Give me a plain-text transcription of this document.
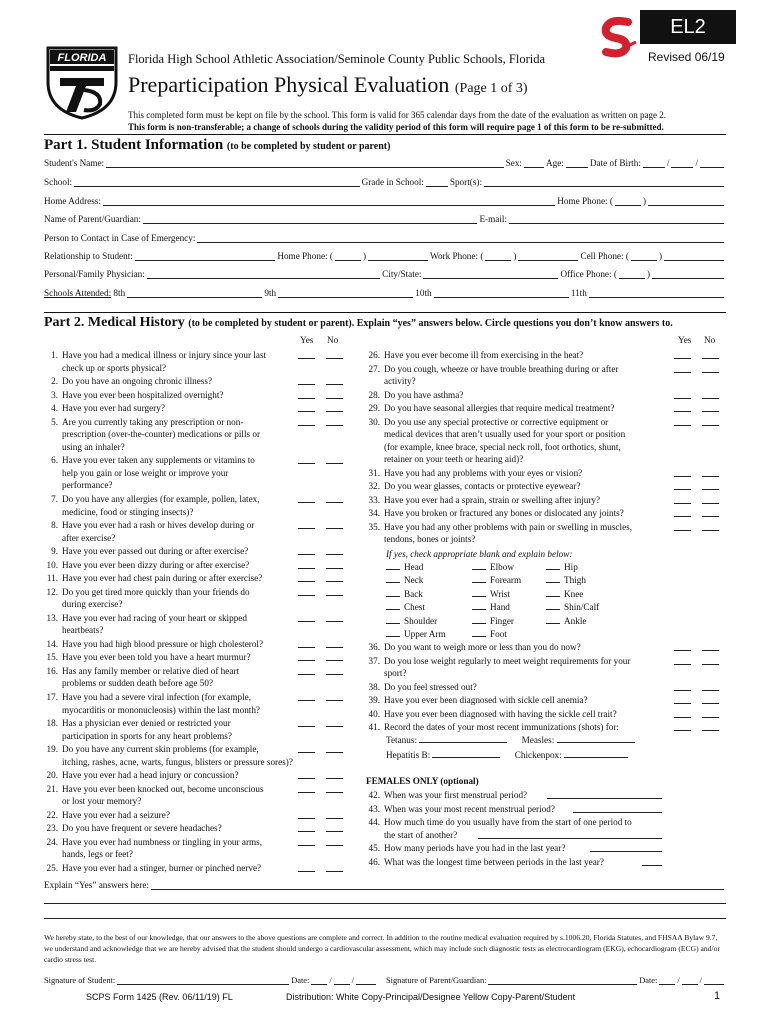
FLORIDA Florida High School Athletic Association/Seminole County Public Schools, Florida
EL2
Revised 06/19
Preparticipation Physical Evaluation (Page 1 of 3)
This completed form must be kept on file by the school. This form is valid for 365 calendar days from the date of the evaluation as written on page 2.
This form is non-transferable; a change of schools during the validity period of this form will require page 1 of this form to be re-submitted.
Part 1. Student Information (to be completed by student or parent)
Student's Name:	Sex:	Age:	Date of Birth:	/	/
School:	Grade in School:	Sport(s):
Home Address:	Home Phone: (	)
Name of Parent/Guardian:	E-mail:
Person to Contact in Case of Emergency:
Relationship to Student:	Home Phone: (	)	Work Phone: (	)	Cell Phone: (	)
Personal/Family Physician:	City/State:	Office Phone: (	)
Schools Attended:
8th	9th	10th	11th
Part 2. Medical History (to be completed by student or parent). Explain “yes” answers below. Circle questions you don’t know answers to.
Yes No	Yes No
1. Have you had a medical illness or injury since your last
check up or sports physical?
2. Do you have an ongoing chronic illness?
3. Have you ever been hospitalized overnight?
4. Have you ever had surgery?
5. Are you currently taking any prescription or non-
prescription (over-the-counter) medications or pills or
using an inhaler?
6. Have you ever taken any supplements or vitamins to
help you gain or lose weight or improve your
performance?
7. Do you have any allergies (for example, pollen, latex,
medicine, food or stinging insects)?
8. Have you ever had a rash or hives develop during or
after exercise?
9. Have you ever passed out during or after exercise?
10. Have you ever been dizzy during or after exercise?
11. Have you ever had chest pain during or after exercise?
12. Do you get tired more quickly than your friends do
during exercise?
13. Have you ever had racing of your heart or skipped
heartbeats?
14. Have you had high blood pressure or high cholesterol?
15. Have you ever been told you have a heart murmur?
16. Has any family member or relative died of heart
problems or sudden death before age 50?
17. Have you had a severe viral infection (for example,
myocarditis or mononucleosis) within the last month?
18. Has a physician ever denied or restricted your
participation in sports for any heart problems?
19. Do you have any current skin problems (for example,
itching, rashes, acne, warts, fungus, blisters or pressure sores)?
20. Have you ever had a head injury or concussion?
21. Have you ever been knocked out, become unconscious
or lost your memory?
22. Have you ever had a seizure?
23. Do you have frequent or severe headaches?
24. Have you ever had numbness or tingling in your arms,
hands, legs or feet?
25. Have you ever had a stinger, burner or pinched nerve?
26. Have you ever become ill from exercising in the heat?
27. Do you cough, wheeze or have trouble breathing during or after
activity?
28. Do you have asthma?
29. Do you have seasonal allergies that require medical treatment?
30. Do you use any special protective or corrective equipment or
medical devices that aren’t usually used for your sport or position
(for example, knee brace, special neck roll, foot orthotics, shunt,
retainer on your teeth or hearing aid)?
31. Have you had any problems with your eyes or vision?
32. Do you wear glasses, contacts or protective eyewear?
33. Have you ever had a sprain, strain or swelling after injury?
34. Have you broken or fractured any bones or dislocated any joints?
35. Have you had any other problems with pain or swelling in muscles,
tendons, bones or joints?
If yes, check appropriate blank and explain below:
Head	Elbow	Hip
Neck	Forearm	Thigh
Back	Wrist	Knee
Chest	Hand	Shin/Calf
Shoulder	Finger	Ankle
Upper Arm	Foot
36. Do you want to weigh more or less than you do now?
37. Do you lose weight regularly to meet weight requirements for your
sport?
38. Do you feel stressed out?
39. Have you ever been diagnosed with sickle cell anemia?
40. Have you ever been diagnosed with having the sickle cell trait?
41. Record the dates of your most recent immunizations (shots) for:
Tetanus:	Measles:
Hepatitis B:	Chickenpox:
FEMALES ONLY (optional)
42. When was your first menstrual period?
43. When was your most recent menstrual period?
44. How much time do you usually have from the start of one period to
the start of another?
45. How many periods have you had in the last year?
46. What was the longest time between periods in the last year?
Explain “Yes” answers here:
We hereby state, to the best of our knowledge, that our answers to the above questions are complete and correct. In addition to the routine medical evaluation required by s.1006.20, Florida Statutes, and FHSAA Bylaw 9.7, we understand and acknowledge that we are hereby advised that the student should undergo a cardiovascular assessment, which may include such diagnostic tests as electrocardiogram (EKG), echocardiogram (ECG) and/or cardio stress test.
Signature of Student:	Date: /
/	Signature of Parent/Guardian:	Date: /
/
SCPS Form 1425 (Rev. 06/11/19) FL	Distribution: White Copy-Principal/Designee Yellow Copy-Parent/Student	1
